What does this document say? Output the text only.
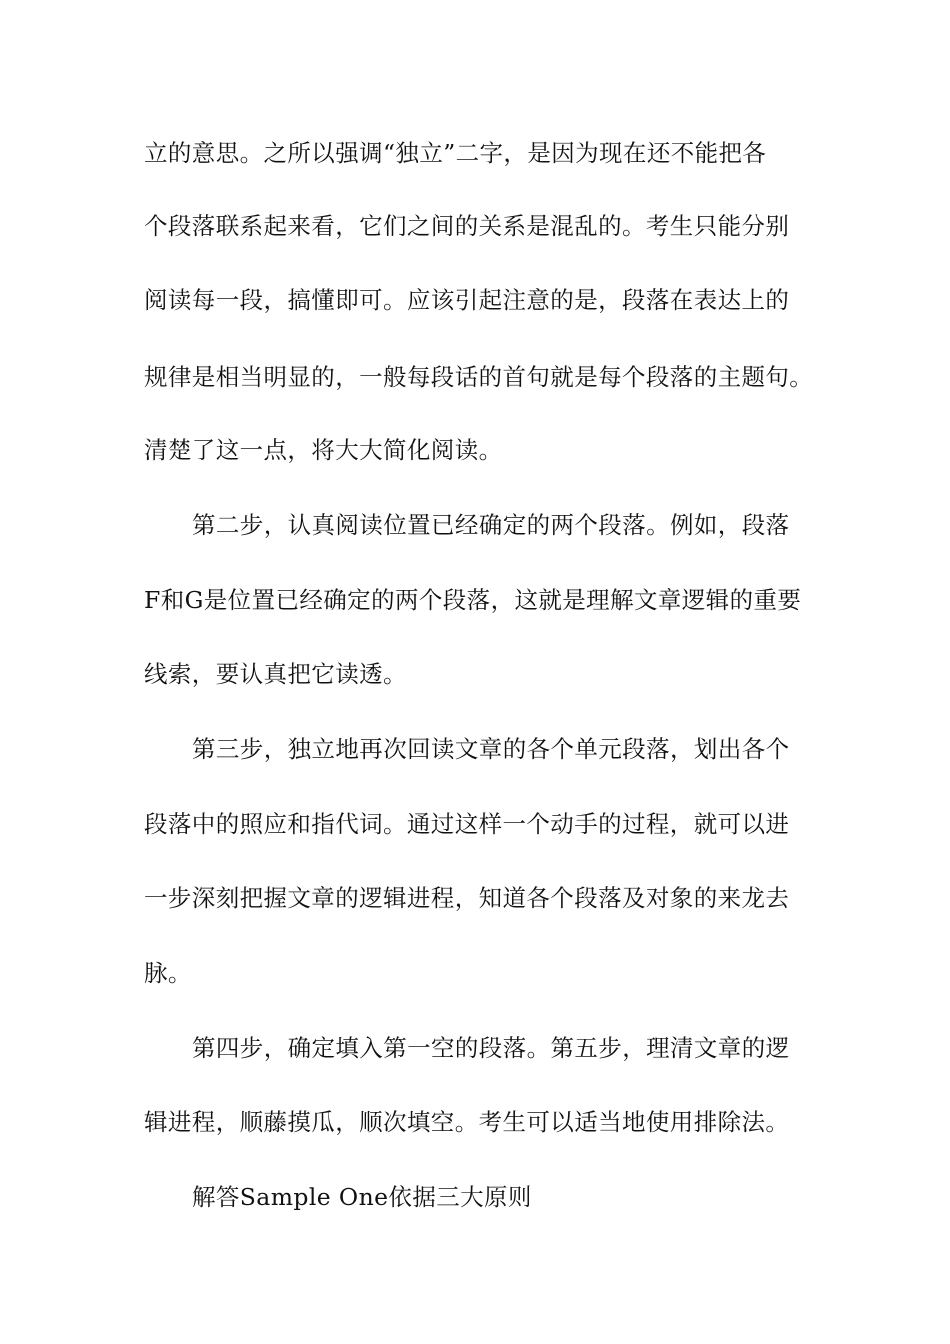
立的意思。之所以强调“独立”二字，是因为现在还不能把各
个段落联系起来看，它们之间的关系是混乱的。考生只能分别
阅读每一段，搞懂即可。应该引起注意的是，段落在表达上的
规律是相当明显的，一般每段话的首句就是每个段落的主题句。
清楚了这一点，将大大简化阅读。
第二步，认真阅读位置已经确定的两个段落。例如，段落
F和G是位置已经确定的两个段落，这就是理解文章逻辑的重要
线索，要认真把它读透。
第三步，独立地再次回读文章的各个单元段落，划出各个
段落中的照应和指代词。通过这样一个动手的过程，就可以进
一步深刻把握文章的逻辑进程，知道各个段落及对象的来龙去
脉。
第四步，确定填入第一空的段落。第五步，理清文章的逻
辑进程，顺藤摸瓜，顺次填空。考生可以适当地使用排除法。
解答Sample One依据三大原则
